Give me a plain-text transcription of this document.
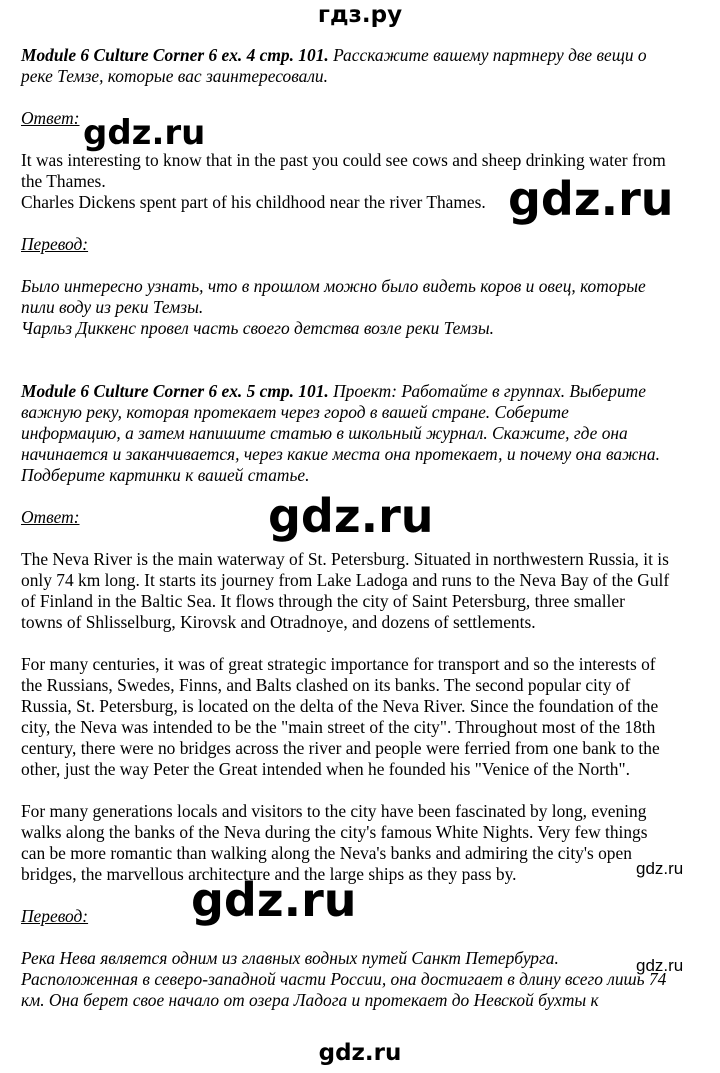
гдз.ру
Module 6 Culture Corner 6 ex. 4 стр. 101. Расскажите вашему партнеру две вещи о
реке Темзе, которые вас заинтересовали.
Ответ:
It was interesting to know that in the past you could see cows and sheep drinking water from
the Thames.
Charles Dickens spent part of his childhood near the river Thames.
Перевод:
Было интересно узнать, что в прошлом можно было видеть коров и овец, которые
пили воду из реки Темзы.
Чарльз Диккенс провел часть своего детства возле реки Темзы.
Module 6 Culture Corner 6 ex. 5 стр. 101. Проект: Работайте в группах. Выберите
важную реку, которая протекает через город в вашей стране. Соберите
информацию, а затем напишите статью в школьный журнал. Скажите, где она
начинается и заканчивается, через какие места она протекает, и почему она важна.
Подберите картинки к вашей статье.
Ответ:
The Neva River is the main waterway of St. Petersburg. Situated in northwestern Russia, it is
only 74 km long. It starts its journey from Lake Ladoga and runs to the Neva Bay of the Gulf
of Finland in the Baltic Sea. It flows through the city of Saint Petersburg, three smaller
towns of Shlisselburg, Kirovsk and Otradnoye, and dozens of settlements.
For many centuries, it was of great strategic importance for transport and so the interests of
the Russians, Swedes, Finns, and Balts clashed on its banks. The second popular city of
Russia, St. Petersburg, is located on the delta of the Neva River. Since the foundation of the
city, the Neva was intended to be the "main street of the city". Throughout most of the 18th
century, there were no bridges across the river and people were ferried from one bank to the
other, just the way Peter the Great intended when he founded his "Venice of the North".
For many generations locals and visitors to the city have been fascinated by long, evening
walks along the banks of the Neva during the city's famous White Nights. Very few things
can be more romantic than walking along the Neva's banks and admiring the city's open
bridges, the marvellous architecture and the large ships as they pass by.
Перевод:
Река Нева является одним из главных водных путей Санкт Петербурга.
Расположенная в северо-западной части России, она достигает в длину всего лишь 74
км. Она берет свое начало от озера Ладога и протекает до Невской бухты к
gdz.ru
gdz.ru
gdz.ru
gdz.ru
gdz.ru
gdz.ru
gdz.ru
